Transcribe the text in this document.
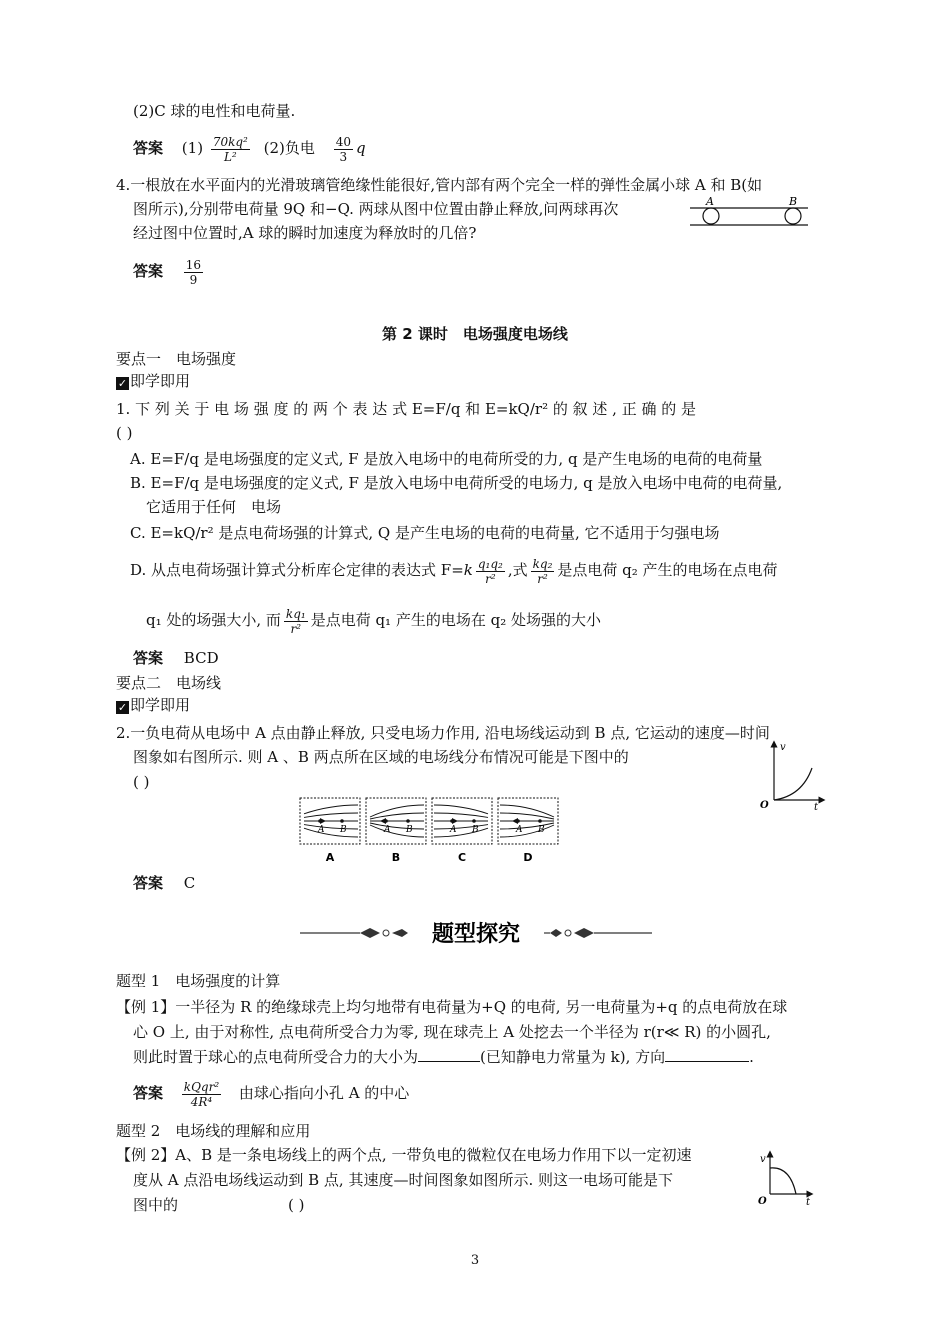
(2)C 球的电性和电荷量.
答案 $(1) \frac{\text{70kq²}}{\text{L²}} (2)$负电 $\frac{40}{3}$ q
4.一根放在水平面内的光滑玻璃管绝缘性能很好,管内部有两个完全一样的弹性金属小球 A 和 B(如
图所示),分别带电荷量 9Q 和−Q. 两球从图中位置由静止释放,问两球再次
经过图中位置时,A 球的瞬时加速度为释放时的几倍?
A	B
答案 $\frac{16}{9}$
第 2 课时　电场强度电场线
要点一　电场强度
✓ 即学即用
1. 下 列 关 于 电 场 强 度 的 两 个 表 达 式 E=F/q 和 E=kQ/r² 的 叙 述 , 正 确 的 是
( )
A. E=F/q 是电场强度的定义式, F 是放入电场中的电荷所受的力, q 是产生电场的电荷的电荷量
B. E=F/q 是电场强度的定义式, F 是放入电场中电荷所受的电场力, q 是放入电场中电荷的电荷量,
它适用于任何　电场
C. E=kQ/r² 是点电荷场强的计算式, Q 是产生电场的电荷的电荷量, 它不适用于匀强电场
D. 从点电荷场强计算式分析库仑定律的表达式 $F=k \frac{\text{q₁q₂}}{\text{r²}}$ ,式 $\frac{\text{kq₂}}{\text{r²}}$ 是点电荷 q₂ 产生的电场在点电荷
q₁ 处的场强大小, 而 $\frac{\text{kq₁}}{\text{r²}}$ 是点电荷 q₁ 产生的电场在 q₂ 处场强的大小
答案 BCD
要点二　电场线
✓ 即学即用
2.一负电荷从电场中 A 点由静止释放, 只受电场力作用, 沿电场线运动到 B 点, 它运动的速度—时间
图象如右图所示. 则 A 、B 两点所在区域的电场线分布情况可能是下图中的
( )
v
O	t
A B
A
A B
B
A B
C
A B
D
答案 C
题型探究
题型 1　电场强度的计算
【例 1】一半径为 R 的绝缘球壳上均匀地带有电荷量为+Q 的电荷, 另一电荷量为+q 的点电荷放在球
心 O 上, 由于对称性, 点电荷所受合力为零, 现在球壳上 A 处挖去一个半径为 r(r≪ R) 的小圆孔,
则此时置于球心的点电荷所受合力的大小为	(已知静电力常量为 k), 方向	.
答案 $\frac{\text{kQqr²}}{\text{4R⁴}}$ 由球心指向小孔 A 的中心
题型 2　电场线的理解和应用
【例 2】A、B 是一条电场线上的两个点, 一带负电的微粒仅在电场力作用下以一定初速
度从 A 点沿电场线运动到 B 点, 其速度—时间图象如图所示. 则这一电场可能是下
图中的	( )
v
O	t
3
